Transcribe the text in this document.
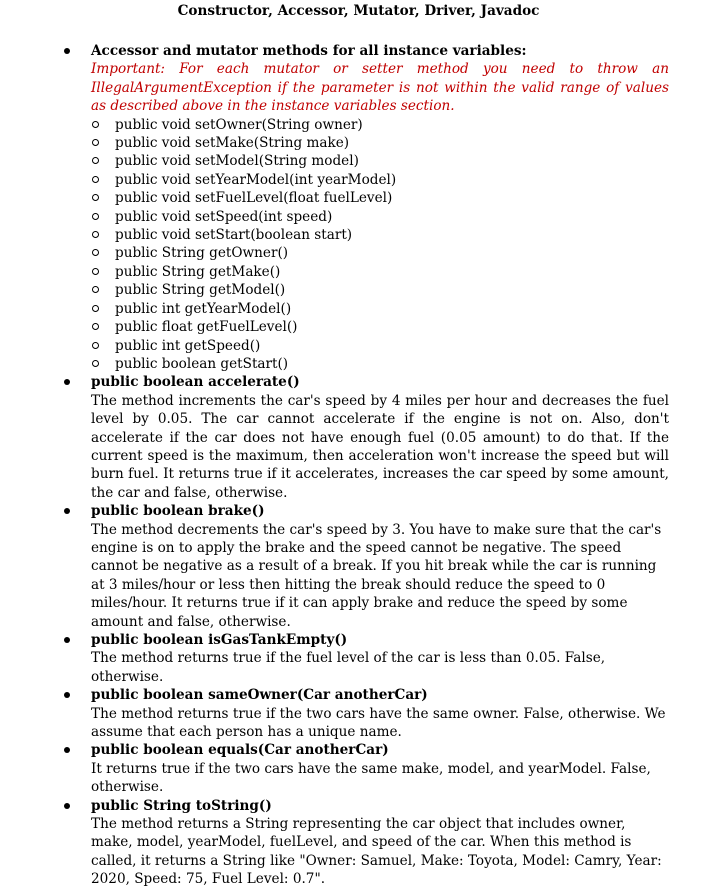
Constructor, Accessor, Mutator, Driver, Javadoc
Accessor and mutator methods for all instance variables:
Important: For each mutator or setter method you need to throw an IllegalArgumentException if the parameter is not within the valid range of values as described above in the instance variables section.
public void setOwner(String owner)
public void setMake(String make)
public void setModel(String model)
public void setYearModel(int yearModel)
public void setFuelLevel(float fuelLevel)
public void setSpeed(int speed)
public void setStart(boolean start)
public String getOwner()
public String getMake()
public String getModel()
public int getYearModel()
public float getFuelLevel()
public int getSpeed()
public boolean getStart()
public boolean accelerate()
The method increments the car's speed by 4 miles per hour and decreases the fuel level by 0.05. The car cannot accelerate if the engine is not on. Also, don't accelerate if the car does not have enough fuel (0.05 amount) to do that. If the current speed is the maximum, then acceleration won't increase the speed but will burn fuel. It returns true if it accelerates, increases the car speed by some amount, the car and false, otherwise.
public boolean brake()
The method decrements the car's speed by 3. You have to make sure that the car's engine is on to apply the brake and the speed cannot be negative. The speed cannot be negative as a result of a break. If you hit break while the car is running at 3 miles/hour or less then hitting the break should reduce the speed to 0 miles/hour. It returns true if it can apply brake and reduce the speed by some amount and false, otherwise.
public boolean isGasTankEmpty()
The method returns true if the fuel level of the car is less than 0.05. False, otherwise.
public boolean sameOwner(Car anotherCar)
The method returns true if the two cars have the same owner. False, otherwise. We assume that each person has a unique name.
public boolean equals(Car anotherCar)
It returns true if the two cars have the same make, model, and yearModel. False, otherwise.
public String toString()
The method returns a String representing the car object that includes owner, make, model, yearModel, fuelLevel, and speed of the car. When this method is called, it returns a String like "Owner: Samuel, Make: Toyota, Model: Camry, Year: 2020, Speed: 75, Fuel Level: 0.7".
